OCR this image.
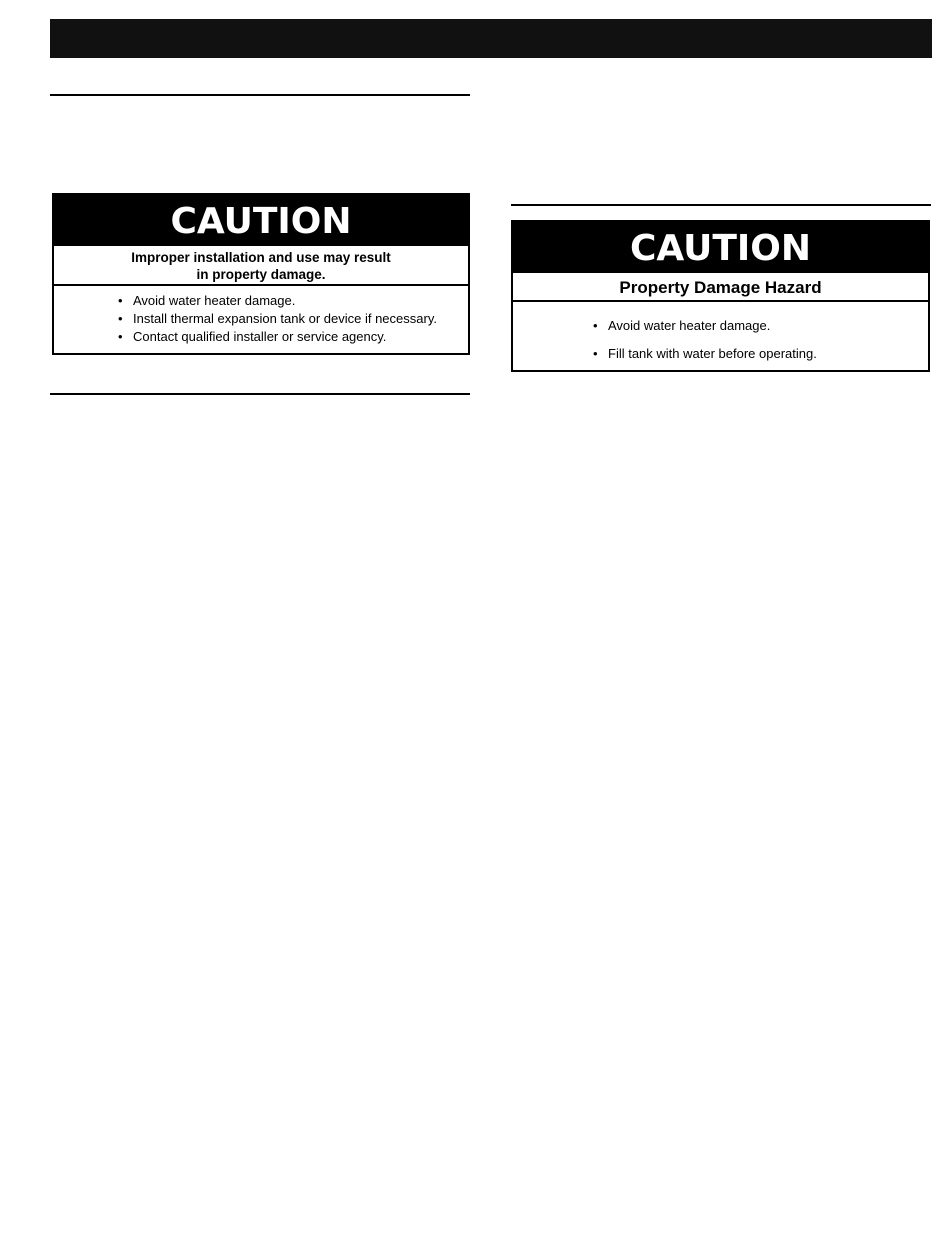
CAUTION
Improper installation and use may result
in property damage.
• Avoid water heater damage.
• Install thermal expansion tank or device if necessary.
• Contact qualified installer or service agency.
CAUTION
Property Damage Hazard
• Avoid water heater damage.
• Fill tank with water before operating.
